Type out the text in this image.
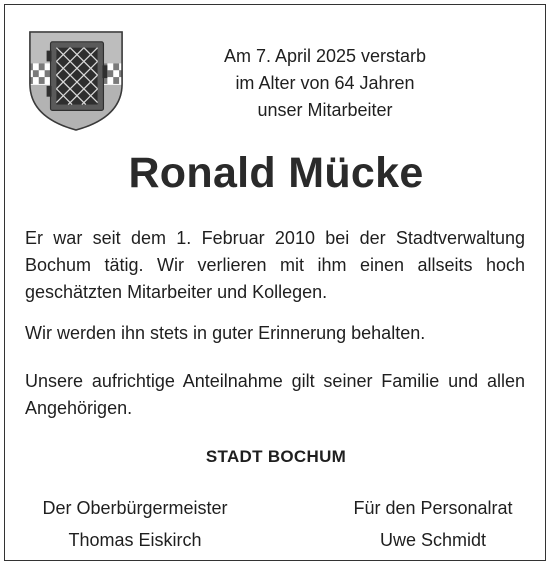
Am 7. April 2025 verstarb
im Alter von 64 Jahren
unser Mitarbeiter
Ronald Mücke

Er war seit dem 1. Februar 2010 bei der Stadtverwaltung Bochum tätig. Wir verlieren mit ihm einen allseits hoch geschätzten Mitarbeiter und Kollegen.

Wir werden ihn stets in guter Erinnerung behalten.

Unsere aufrichtige Anteilnahme gilt seiner Familie und allen Angehörigen.

STADT BOCHUM
Der Oberbürgermeister
Thomas Eiskirch
Für den Personalrat
Uwe Schmidt
